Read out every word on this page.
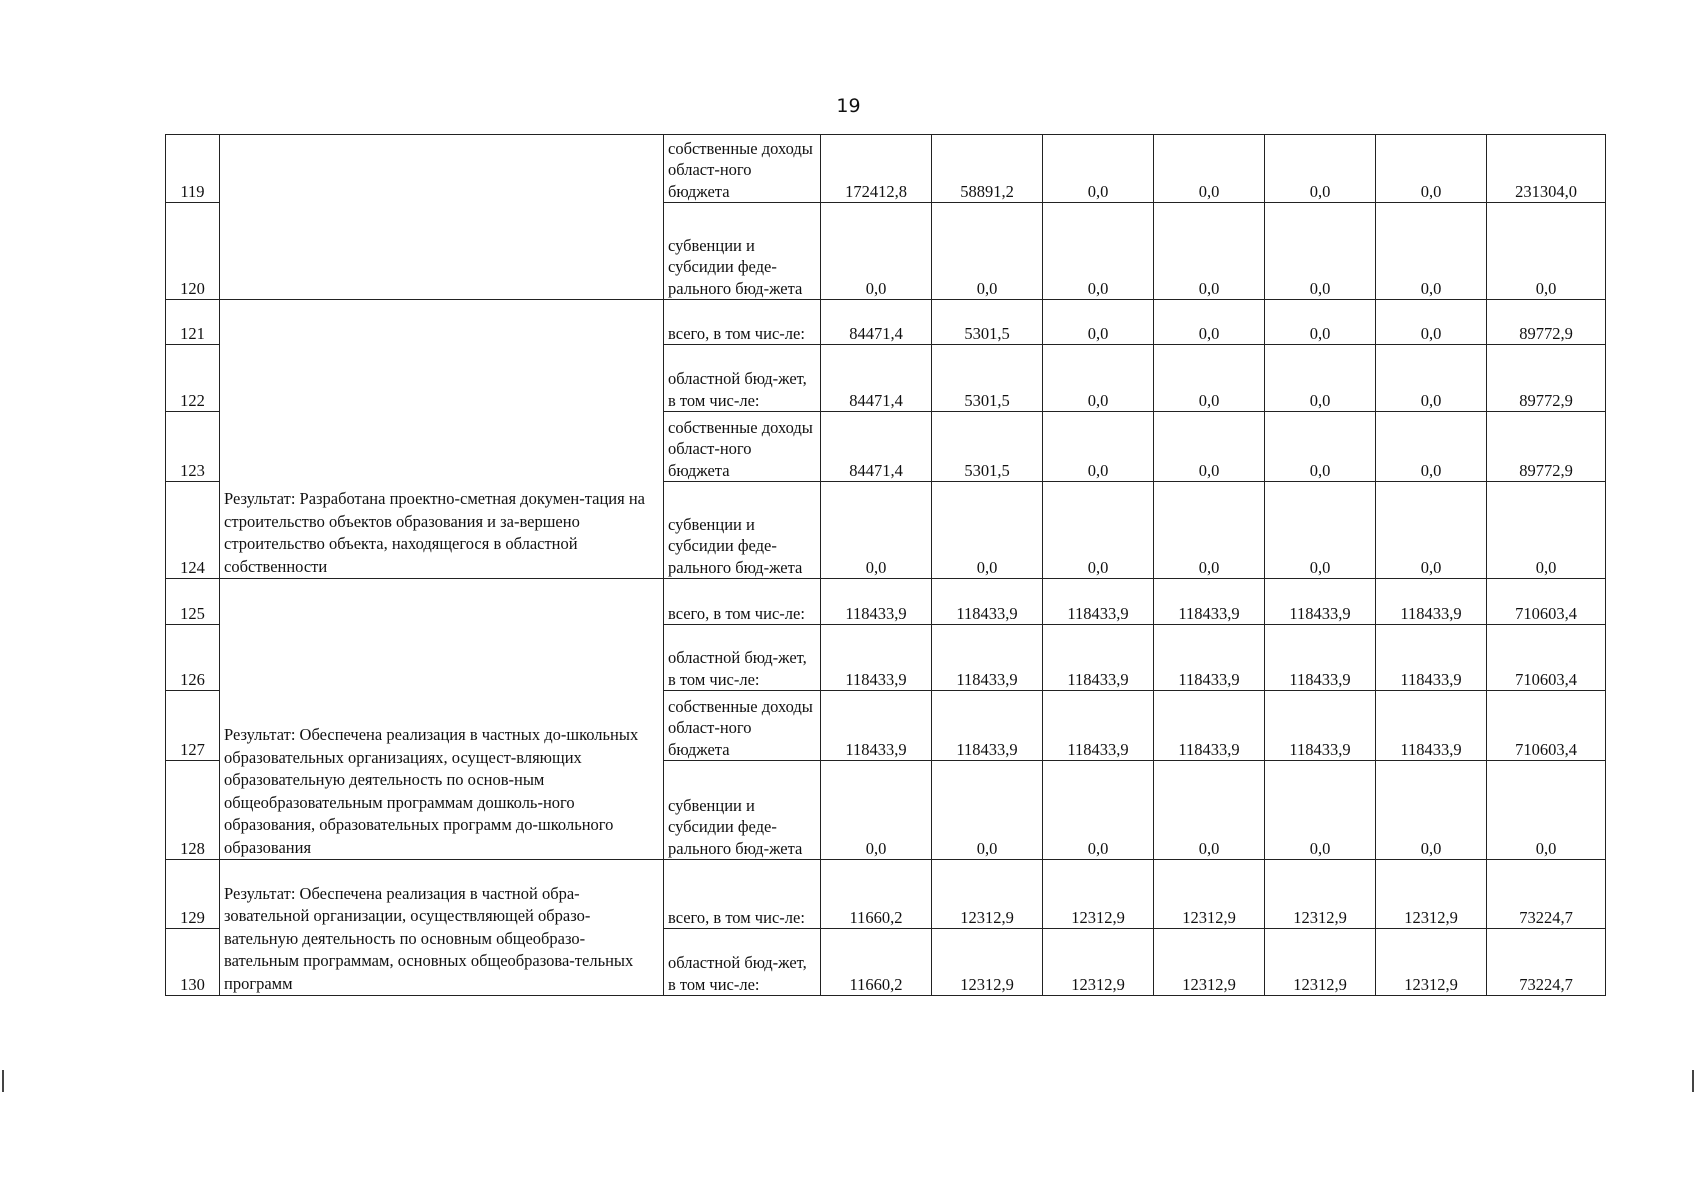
19
119		собственные доходы област-ного бюджета	172412,8	58891,2	0,0	0,0	0,0	0,0	231304,0
120		субвенции и субсидии феде-рального бюд-жета	0,0	0,0	0,0	0,0	0,0	0,0	0,0
121	Результат: Разработана проектно-сметная докумен-тация на строительство объектов образования и за-вершено строительство объекта, находящегося в областной собственности	всего, в том чис-ле:	84471,4	5301,5	0,0	0,0	0,0	0,0	89772,9
122		областной бюд-жет, в том чис-ле:	84471,4	5301,5	0,0	0,0	0,0	0,0	89772,9
123		собственные доходы област-ного бюджета	84471,4	5301,5	0,0	0,0	0,0	0,0	89772,9
124		субвенции и субсидии феде-рального бюд-жета	0,0	0,0	0,0	0,0	0,0	0,0	0,0
125	Результат: Обеспечена реализация в частных до-школьных образовательных организациях, осущест-вляющих образовательную деятельность по основ-ным общеобразовательным программам дошколь-ного образования, образовательных программ до-школьного образования	всего, в том чис-ле:	118433,9	118433,9	118433,9	118433,9	118433,9	118433,9	710603,4
126		областной бюд-жет, в том чис-ле:	118433,9	118433,9	118433,9	118433,9	118433,9	118433,9	710603,4
127		собственные доходы област-ного бюджета	118433,9	118433,9	118433,9	118433,9	118433,9	118433,9	710603,4
128		субвенции и субсидии феде-рального бюд-жета	0,0	0,0	0,0	0,0	0,0	0,0	0,0
129	Результат: Обеспечена реализация в частной обра-зовательной организации, осуществляющей образо-вательную деятельность по основным общеобразо-вательным программам, основных общеобразова-тельных программ	всего, в том чис-ле:	11660,2	12312,9	12312,9	12312,9	12312,9	12312,9	73224,7
130		областной бюд-жет, в том чис-ле:	11660,2	12312,9	12312,9	12312,9	12312,9	12312,9	73224,7
